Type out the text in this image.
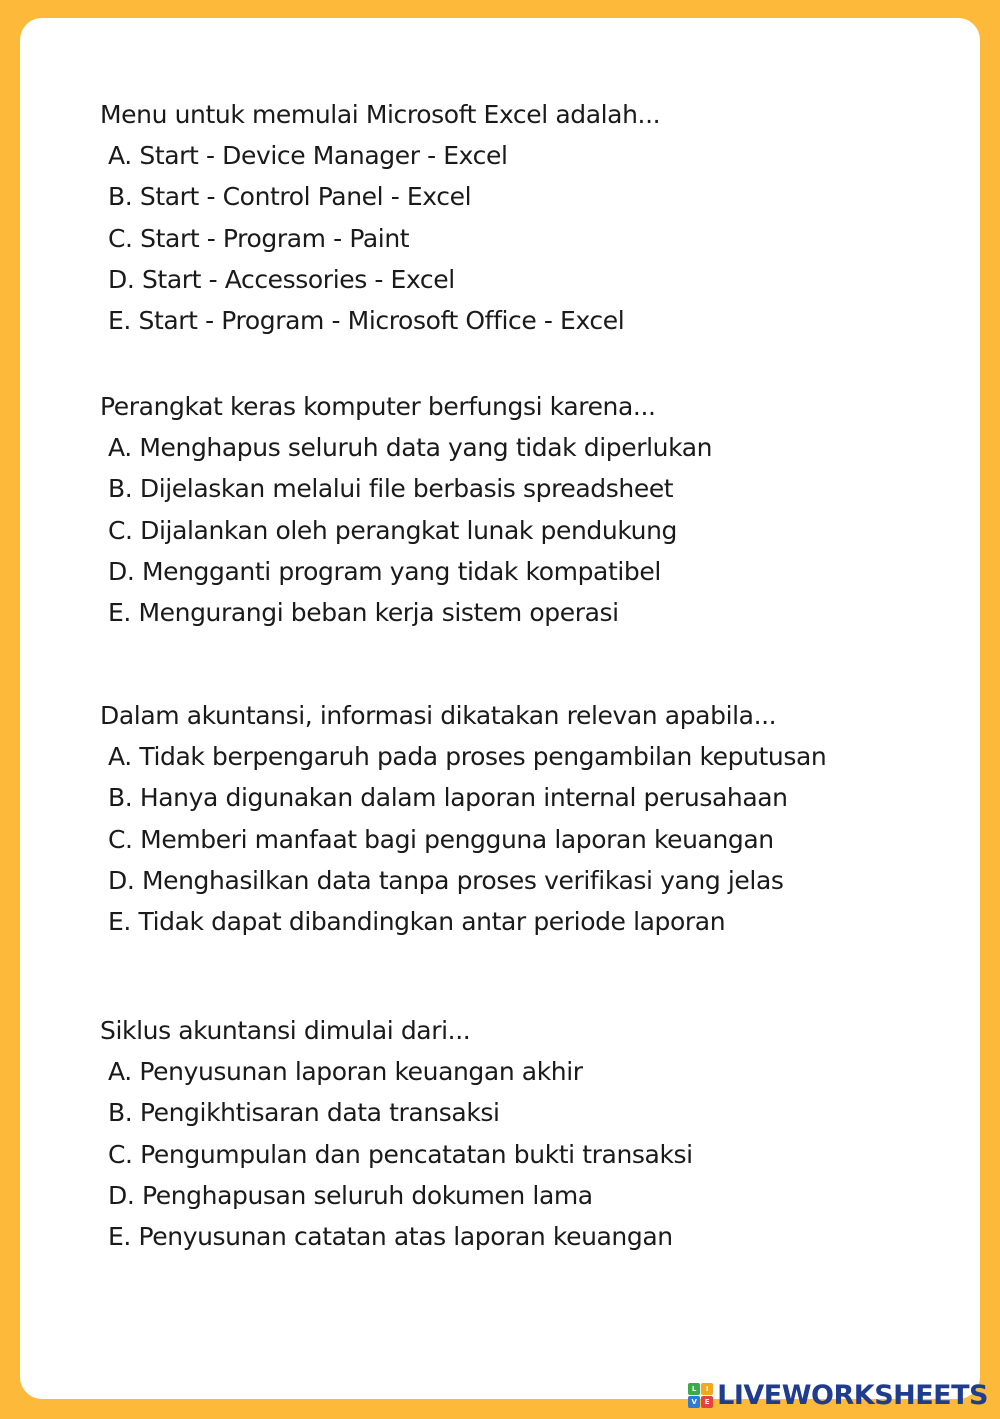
Menu untuk memulai Microsoft Excel adalah...

A. Start - Device Manager - Excel

B. Start - Control Panel - Excel

C. Start - Program - Paint

D. Start - Accessories - Excel

E. Start - Program - Microsoft Office - Excel

Perangkat keras komputer berfungsi karena...

A. Menghapus seluruh data yang tidak diperlukan

B. Dijelaskan melalui file berbasis spreadsheet

C. Dijalankan oleh perangkat lunak pendukung

D. Mengganti program yang tidak kompatibel

E. Mengurangi beban kerja sistem operasi

Dalam akuntansi, informasi dikatakan relevan apabila...

A. Tidak berpengaruh pada proses pengambilan keputusan

B. Hanya digunakan dalam laporan internal perusahaan

C. Memberi manfaat bagi pengguna laporan keuangan

D. Menghasilkan data tanpa proses verifikasi yang jelas

E. Tidak dapat dibandingkan antar periode laporan

Siklus akuntansi dimulai dari...

A. Penyusunan laporan keuangan akhir

B. Pengikhtisaran data transaksi

C. Pengumpulan dan pencatatan bukti transaksi

D. Penghapusan seluruh dokumen lama

E. Penyusunan catatan atas laporan keuangan

L	I
V	E LIVEWORKSHEETS
